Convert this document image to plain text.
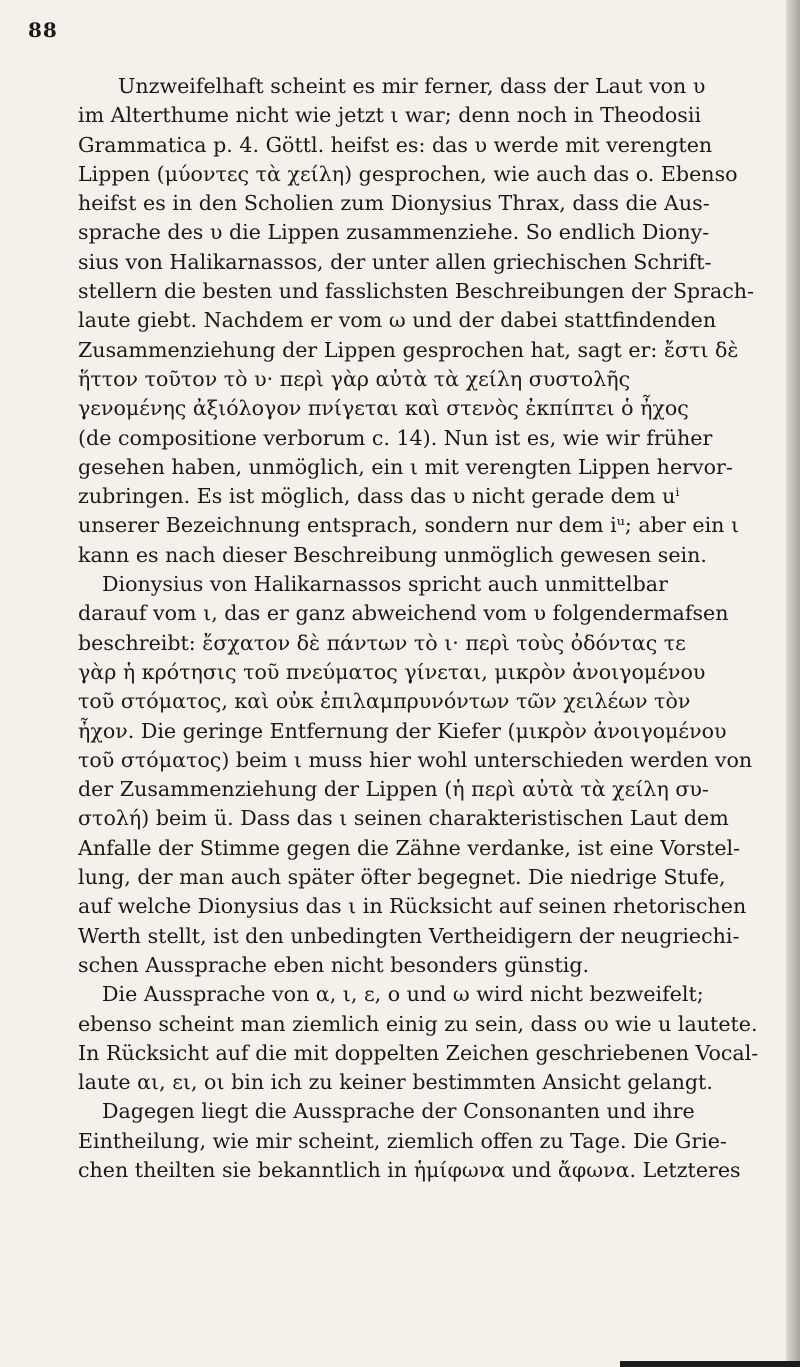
88
Unzweifelhaft scheint es mir ferner, dass der Laut von υ
im Alterthume nicht wie jetzt ι war; denn noch in Theodosii
Grammatica p. 4. Göttl. heifst es: das υ werde mit verengten
Lippen (μύοντες τὰ χείλη) gesprochen, wie auch das o. Ebenso
heifst es in den Scholien zum Dionysius Thrax, dass die Aus-
sprache des υ die Lippen zusammenziehe. So endlich Diony-
sius von Halikarnassos, der unter allen griechischen Schrift-
stellern die besten und fasslichsten Beschreibungen der Sprach-
laute giebt. Nachdem er vom ω und der dabei stattfindenden
Zusammenziehung der Lippen gesprochen hat, sagt er: ἔστι δὲ
ἥττον τοῦτον τὸ υ· περὶ γὰρ αὐτὰ τὰ χείλη συστολῆς
γενομένης ἀξιόλογον πνίγεται καὶ στενὸς ἐκπίπτει ὁ ἦχος
(de compositione verborum c. 14). Nun ist es, wie wir früher
gesehen haben, unmöglich, ein ι mit verengten Lippen hervor-
zubringen. Es ist möglich, dass das υ nicht gerade dem uⁱ
unserer Bezeichnung entsprach, sondern nur dem iᵘ; aber ein ι
kann es nach dieser Beschreibung unmöglich gewesen sein.
Dionysius von Halikarnassos spricht auch unmittelbar
darauf vom ι, das er ganz abweichend vom υ folgendermafsen
beschreibt: ἔσχατον δὲ πάντων τὸ ι· περὶ τοὺς ὀδόντας τε
γὰρ ἡ κρότησις τοῦ πνεύματος γίνεται, μικρὸν ἀνοιγομένου
τοῦ στόματος, καὶ οὐκ ἐπιλαμπρυνόντων τῶν χειλέων τὸν
ἦχον. Die geringe Entfernung der Kiefer (μικρὸν ἀνοιγομένου
τοῦ στόματος) beim ι muss hier wohl unterschieden werden von
der Zusammenziehung der Lippen (ἡ περὶ αὐτὰ τὰ χείλη συ-
στολή) beim ü. Dass das ι seinen charakteristischen Laut dem
Anfalle der Stimme gegen die Zähne verdanke, ist eine Vorstel-
lung, der man auch später öfter begegnet. Die niedrige Stufe,
auf welche Dionysius das ι in Rücksicht auf seinen rhetorischen
Werth stellt, ist den unbedingten Vertheidigern der neugriechi-
schen Aussprache eben nicht besonders günstig.
Die Aussprache von α, ι, ε, o und ω wird nicht bezweifelt;
ebenso scheint man ziemlich einig zu sein, dass ου wie u lautete.
In Rücksicht auf die mit doppelten Zeichen geschriebenen Vocal-
laute αι, ει, οι bin ich zu keiner bestimmten Ansicht gelangt.
Dagegen liegt die Aussprache der Consonanten und ihre
Eintheilung, wie mir scheint, ziemlich offen zu Tage. Die Grie-
chen theilten sie bekanntlich in ἡμίφωνα und ἄφωνα. Letzteres
